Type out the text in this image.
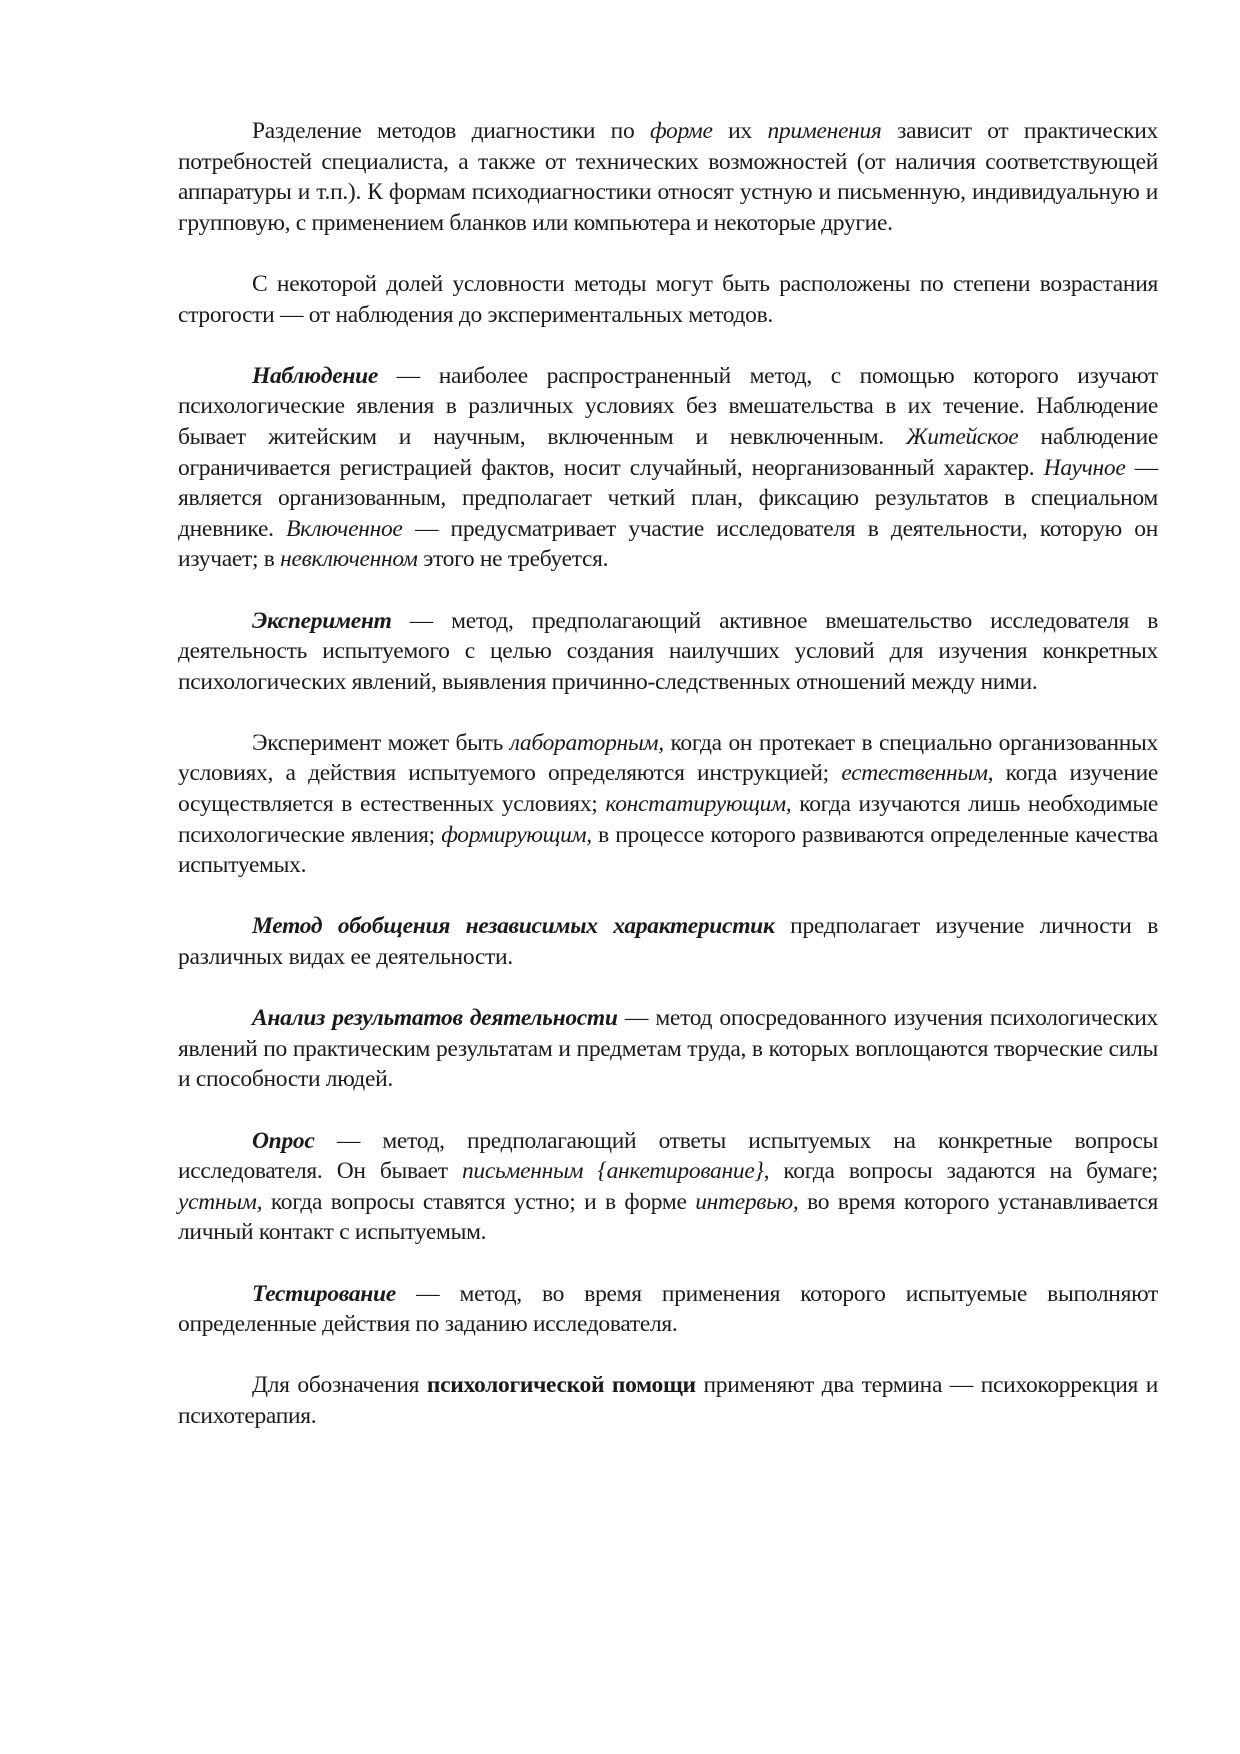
Разделение методов диагностики по форме их применения зависит от практических потребностей специалиста, а также от технических возможностей (от наличия соответствующей аппаратуры и т.п.). К формам психодиагностики относят устную и письменную, индивидуальную и групповую, с применением бланков или компьютера и некоторые другие.

С некоторой долей условности методы могут быть расположены по степени возрастания строгости — от наблюдения до экспериментальных методов.

Наблюдение — наиболее распространенный метод, с помощью которого изучают психологические явления в различных условиях без вмешательства в их течение. Наблюдение бывает житейским и научным, включенным и невключенным. Житейское наблюдение ограничивается регистрацией фактов, носит случайный, неорганизованный характер. Научное — является организованным, предполагает четкий план, фиксацию результатов в специальном дневнике. Включенное — предусматривает участие исследователя в деятельности, которую он изучает; в невключенном этого не требуется.

Эксперимент — метод, предполагающий активное вмешательство исследователя в деятельность испытуемого с целью создания наилучших условий для изучения конкретных психологических явлений, выявления причинно-следственных отношений между ними.

Эксперимент может быть лабораторным, когда он протекает в специально организованных условиях, а действия испытуемого определяются инструкцией; естественным, когда изучение осуществляется в естественных условиях; констатирующим, когда изучаются лишь необходимые психологические явления; формирующим, в процессе которого развиваются определенные качества испытуемых.

Метод обобщения независимых характеристик предполагает изучение личности в различных видах ее деятельности.

Анализ результатов деятельности — метод опосредованного изучения психологических явлений по практическим результатам и предметам труда, в которых воплощаются творческие силы и способности людей.

Опрос — метод, предполагающий ответы испытуемых на конкретные вопросы исследователя. Он бывает письменным {анкетирование}, когда вопросы задаются на бумаге; устным, когда вопросы ставятся устно; и в форме интервью, во время которого устанавливается личный контакт с испытуемым.

Тестирование — метод, во время применения которого испытуемые выполняют определенные действия по заданию исследователя.

Для обозначения психологической помощи применяют два термина — психокоррекция и психотерапия.
